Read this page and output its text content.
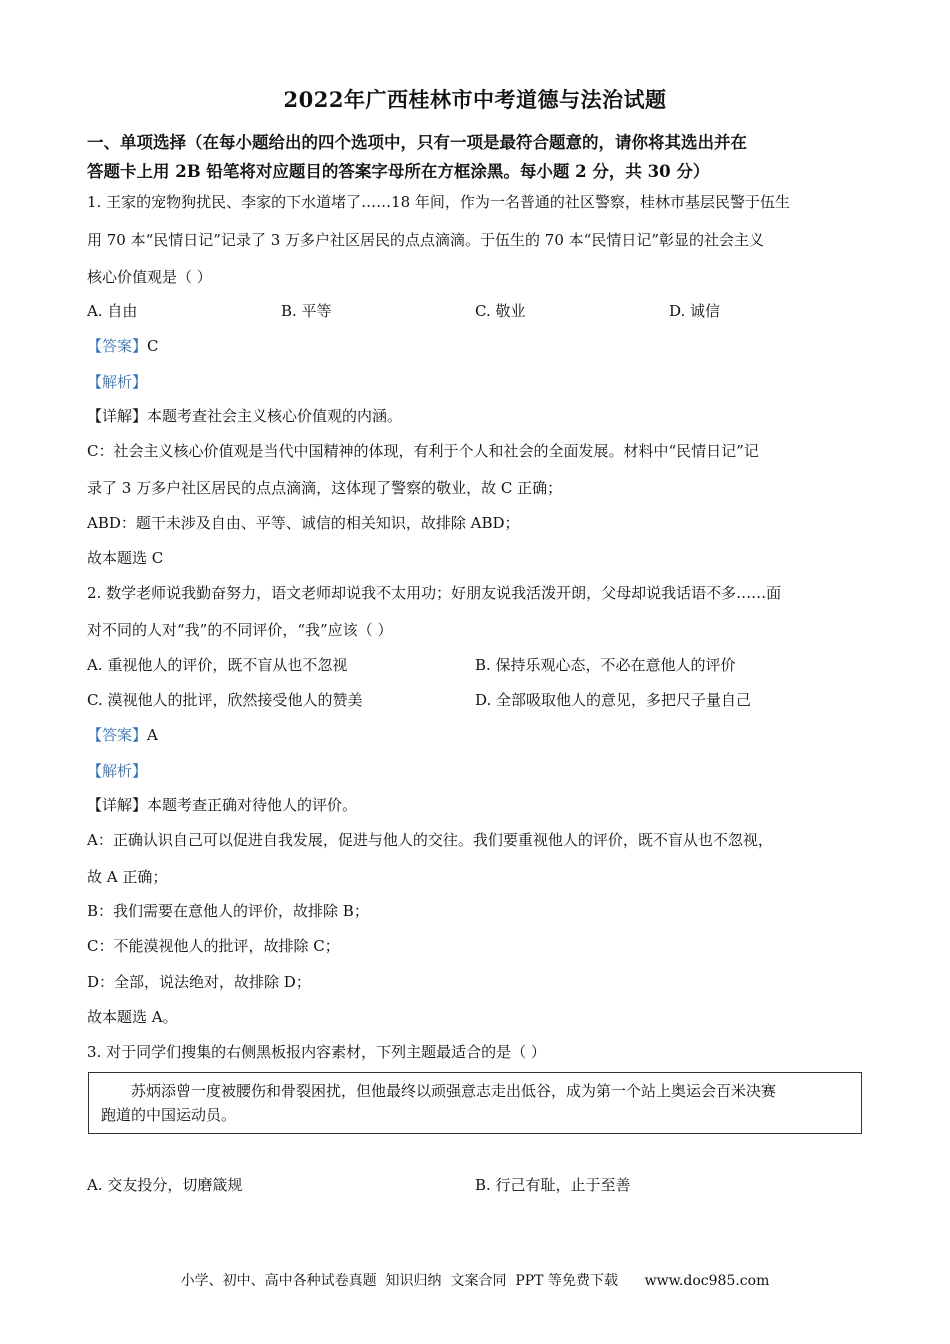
2022年广西桂林市中考道德与法治试题
一、单项选择（在每小题给出的四个选项中，只有一项是最符合题意的，请你将其选出并在
答题卡上用 2B 铅笔将对应题目的答案字母所在方框涂黑。每小题 2 分，共 30 分）
1. 王家的宠物狗扰民、李家的下水道堵了……18 年间，作为一名普通的社区警察，桂林市基层民警于伍生
用 70 本“民情日记”记录了 3 万多户社区居民的点点滴滴。于伍生的 70 本“民情日记”彰显的社会主义
核心价值观是（ ）
A. 自由	B. 平等	C. 敬业	D. 诚信
【答案】C
【解析】
【详解】本题考查社会主义核心价值观的内涵。
C：社会主义核心价值观是当代中国精神的体现，有利于个人和社会的全面发展。材料中“民情日记”记
录了 3 万多户社区居民的点点滴滴，这体现了警察的敬业，故 C 正确；
ABD：题干未涉及自由、平等、诚信的相关知识，故排除 ABD；
故本题选 C
2. 数学老师说我勤奋努力，语文老师却说我不太用功；好朋友说我活泼开朗，父母却说我话语不多……面
对不同的人对“我”的不同评价，“我”应该（ ）
A. 重视他人的评价，既不盲从也不忽视	B. 保持乐观心态，不必在意他人的评价
C. 漠视他人的批评，欣然接受他人的赞美	D. 全部吸取他人的意见，多把尺子量自己
【答案】A
【解析】
【详解】本题考查正确对待他人的评价。
A：正确认识自己可以促进自我发展，促进与他人的交往。我们要重视他人的评价，既不盲从也不忽视，
故 A 正确；
B：我们需要在意他人的评价，故排除 B；
C：不能漠视他人的批评，故排除 C；
D：全部，说法绝对，故排除 D；
故本题选 A。
3. 对于同学们搜集的右侧黑板报内容素材，下列主题最适合的是（ ）
苏炳添曾一度被腰伤和骨裂困扰，但他最终以顽强意志走出低谷，成为第一个站上奥运会百米决赛
跑道的中国运动员。
A. 交友投分，切磨箴规	B. 行己有耻，止于至善
小学、初中、高中各种试卷真题  知识归纳  文案合同  PPT 等免费下载      www.doc985.com
